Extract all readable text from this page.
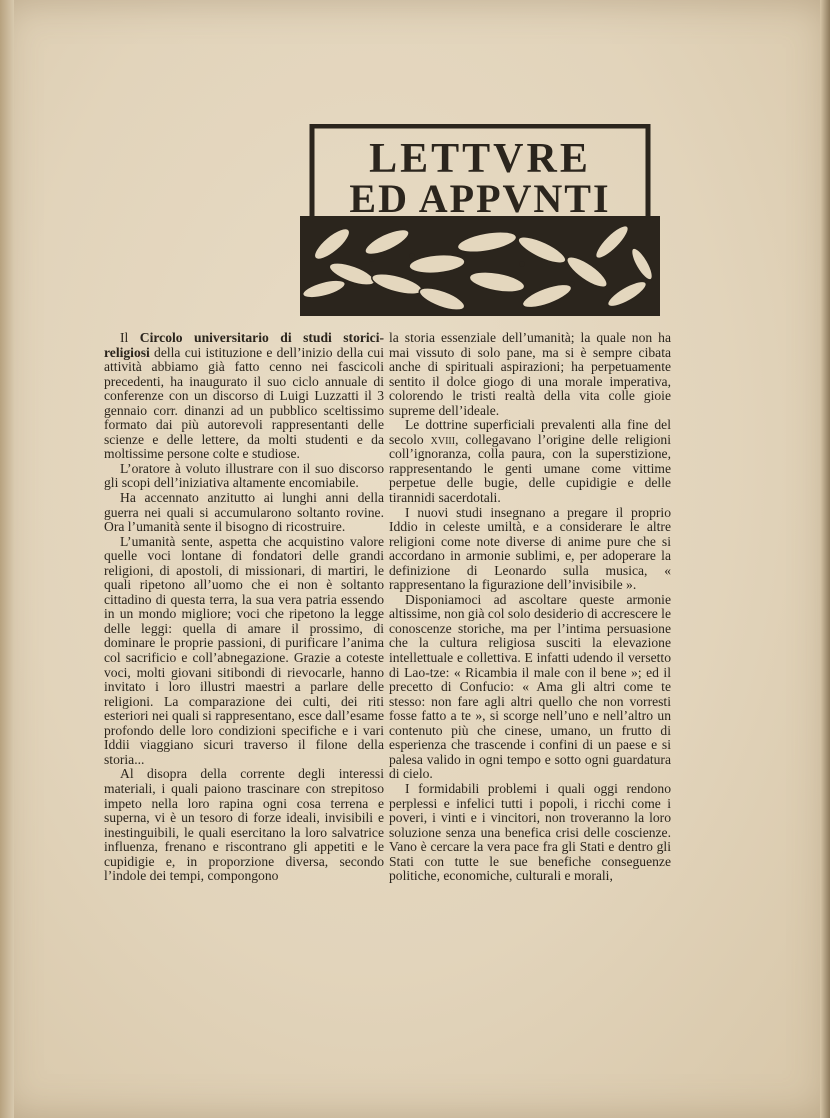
LETTVRE
ED APPVNTI

Il Circolo universitario di studi storici-religiosi della cui istituzione e dell’inizio della cui attività abbiamo già fatto cenno nei fascicoli precedenti, ha inaugurato il suo ciclo annuale di conferenze con un discorso di Luigi Luzzatti il 3 gennaio corr. dinanzi ad un pubblico sceltissimo formato dai più autorevoli rappresentanti delle scienze e delle lettere, da molti studenti e da moltissime persone colte e studiose.

L’oratore à voluto illustrare con il suo discorso gli scopi dell’iniziativa altamente encomiabile.

Ha accennato anzitutto ai lunghi anni della guerra nei quali si accumularono soltanto rovine. Ora l’umanità sente il bisogno di ricostruire.

L’umanità sente, aspetta che acquistino valore quelle voci lontane di fondatori delle grandi religioni, di apostoli, di missionari, di martiri, le quali ripetono all’uomo che ei non è soltanto cittadino di questa terra, la sua vera patria essendo in un mondo migliore; voci che ripetono la legge delle leggi: quella di amare il prossimo, di dominare le proprie passioni, di purificare l’anima col sacrificio e coll’abnegazione. Grazie a coteste voci, molti giovani sitibondi di rievocarle, hanno invitato i loro illustri maestri a parlare delle religioni. La comparazione dei culti, dei riti esteriori nei quali si rappresentano, esce dall’esame profondo delle loro condizioni specifiche e i vari Iddii viaggiano sicuri traverso il filone della storia...

Al disopra della corrente degli interessi materiali, i quali paiono trascinare con strepitoso impeto nella loro rapina ogni cosa terrena e superna, vi è un tesoro di forze ideali, invisibili e inestinguibili, le quali esercitano la loro salvatrice influenza, frenano e riscontrano gli appetiti e le cupidigie e, in proporzione diversa, secondo l’indole dei tempi, compongono

la storia essenziale dell’umanità; la quale non ha mai vissuto di solo pane, ma si è sempre cibata anche di spirituali aspirazioni; ha perpetuamente sentito il dolce giogo di una morale imperativa, colorendo le tristi realtà della vita colle gioie supreme dell’ideale.

Le dottrine superficiali prevalenti alla fine del secolo xviii, collegavano l’origine delle religioni coll’ignoranza, colla paura, con la superstizione, rappresentando le genti umane come vittime perpetue delle bugie, delle cupidigie e delle tirannidi sacerdotali.

I nuovi studi insegnano a pregare il proprio Iddio in celeste umiltà, e a considerare le altre religioni come note diverse di anime pure che si accordano in armonie sublimi, e, per adoperare la definizione di Leonardo sulla musica, « rappresentano la figurazione dell’invisibile ».

Disponiamoci ad ascoltare queste armonie altissime, non già col solo desiderio di accrescere le conoscenze storiche, ma per l’intima persuasione che la cultura religiosa susciti la elevazione intellettuale e collettiva. E infatti udendo il versetto di Lao-tze: « Ricambia il male con il bene »; ed il precetto di Confucio: « Ama gli altri come te stesso: non fare agli altri quello che non vorresti fosse fatto a te », si scorge nell’uno e nell’altro un contenuto più che cinese, umano, un frutto di esperienza che trascende i confini di un paese e si palesa valido in ogni tempo e sotto ogni guardatura di cielo.

I formidabili problemi i quali oggi rendono perplessi e infelici tutti i popoli, i ricchi come i poveri, i vinti e i vincitori, non troveranno la loro soluzione senza una benefica crisi delle coscienze. Vano è cercare la vera pace fra gli Stati e dentro gli Stati con tutte le sue benefiche conseguenze politiche, economiche, culturali e morali,
